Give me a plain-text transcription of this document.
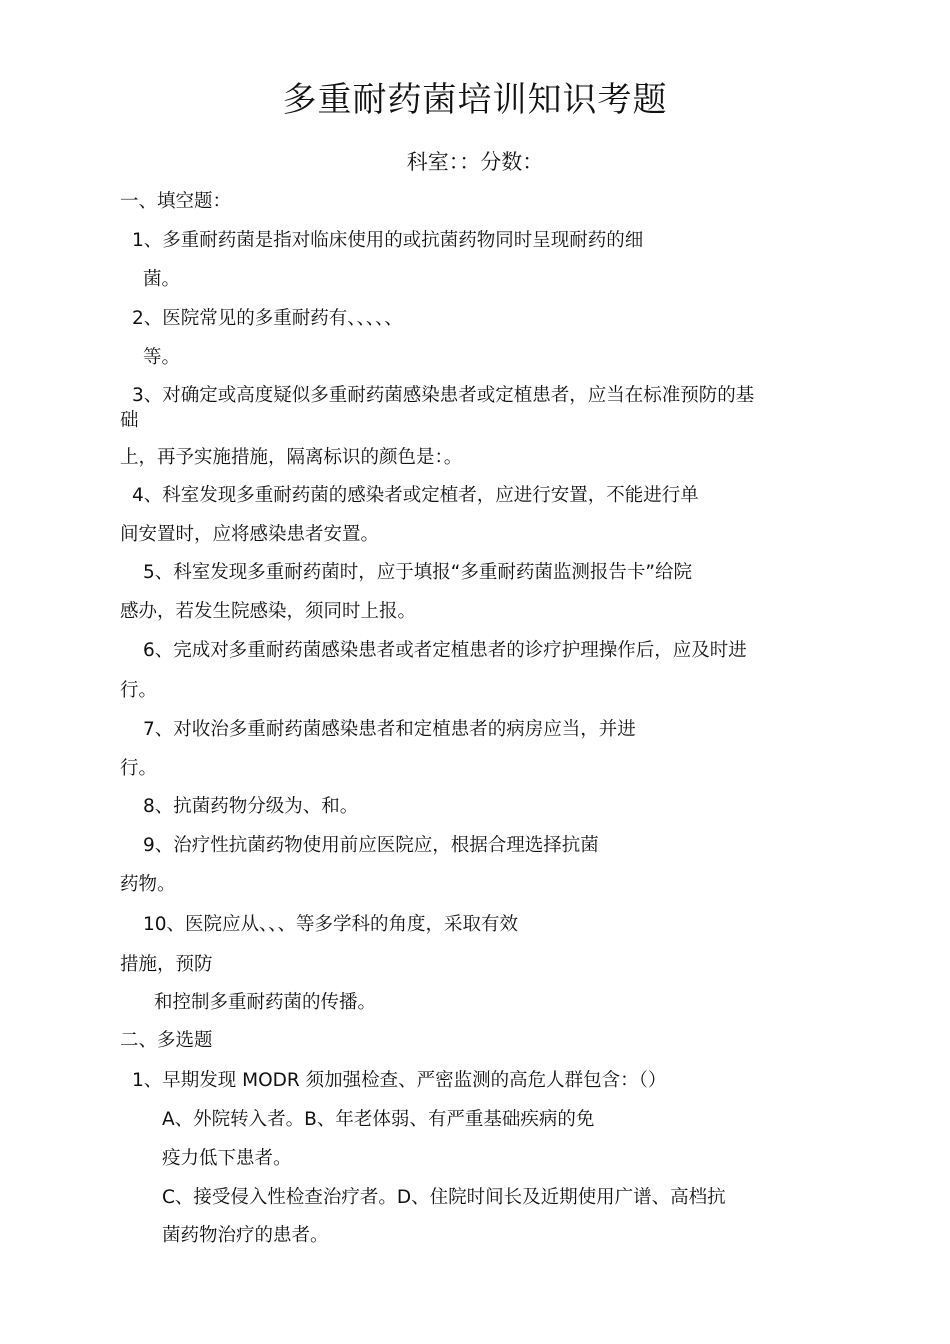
多重耐药菌培训知识考题
科室：：分数：
一、填空题：
1、多重耐药菌是指对临床使用的或抗菌药物同时呈现耐药的细
菌。
2、医院常见的多重耐药有、、、、、
等。
3、对确定或高度疑似多重耐药菌感染患者或定植患者，应当在标准预防的基
础
上，再予实施措施，隔离标识的颜色是：。
4、科室发现多重耐药菌的感染者或定植者，应进行安置，不能进行单
间安置时，应将感染患者安置。
5、科室发现多重耐药菌时，应于填报“多重耐药菌监测报告卡”给院
感办，若发生院感染，须同时上报。
6、完成对多重耐药菌感染患者或者定植患者的诊疗护理操作后，应及时进
行。
7、对收治多重耐药菌感染患者和定植患者的病房应当，并进
行。
8、抗菌药物分级为、和。
9、治疗性抗菌药物使用前应医院应，根据合理选择抗菌
药物。
10、医院应从、、、等多学科的角度，采取有效
措施，预防
和控制多重耐药菌的传播。
二、多选题
1、早期发现 MODR 须加强检查、严密监测的高危人群包含：（）
A、外院转入者。B、年老体弱、有严重基础疾病的免
疫力低下患者。
C、接受侵入性检查治疗者。D、住院时间长及近期使用广谱、高档抗
菌药物治疗的患者。
